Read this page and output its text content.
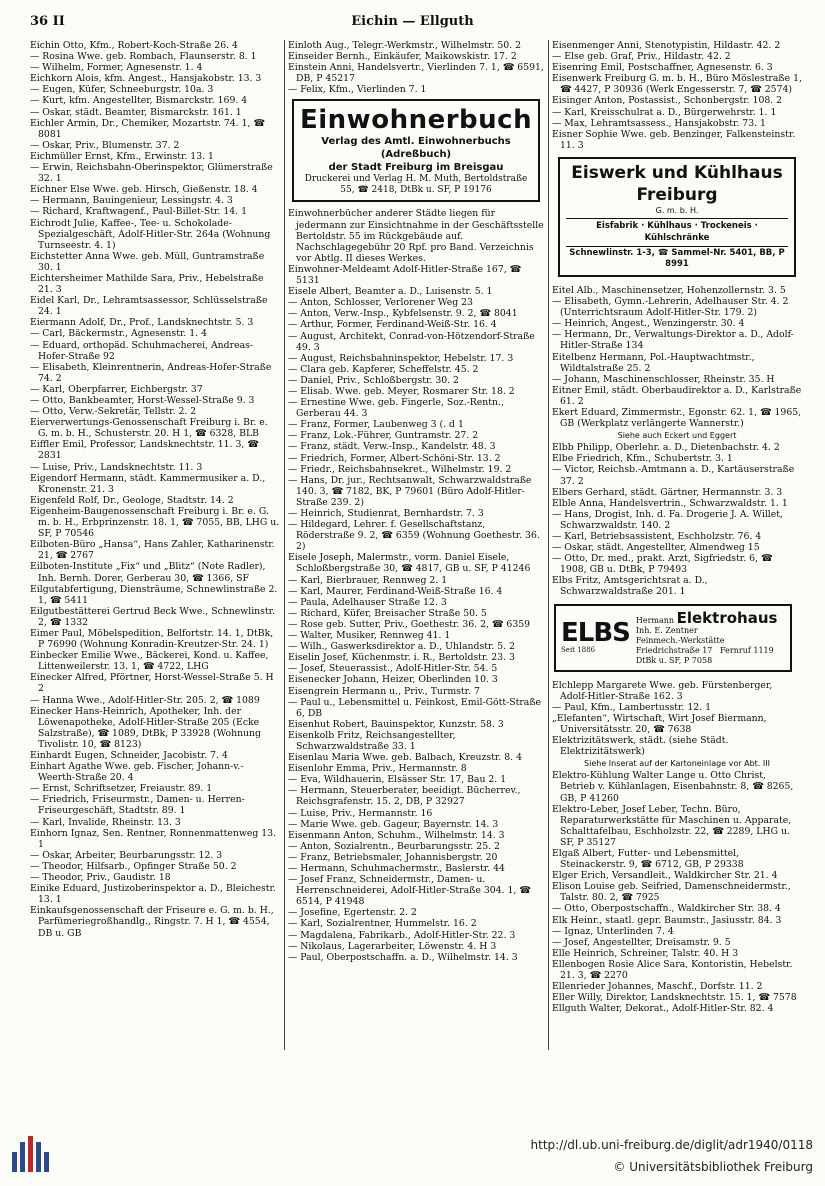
36 II	Eichin — Ellguth

Eichin Otto, Kfm., Robert-Koch-Straße 26. 4

— Rosina Wwe. geb. Rombach, Flaunserstr. 8. 1

— Wilhelm, Former, Agnesenstr. 1. 4

Eichkorn Alois, kfm. Angest., Hansjakobstr. 13. 3

— Eugen, Küfer, Schneeburgstr. 10a. 3

— Kurt, kfm. Angestellter, Bismarckstr. 169. 4

— Oskar, städt. Beamter, Bismarckstr. 161. 1

Eichler Armin, Dr., Chemiker, Mozartstr. 74. 1, ☎ 8081

— Oskar, Priv., Blumenstr. 37. 2

Eichmüller Ernst, Kfm., Erwinstr. 13. 1

— Erwin, Reichsbahn-Oberinspektor, Glümerstraße 32. 1

Eichner Else Wwe. geb. Hirsch, Gießenstr. 18. 4

— Hermann, Bauingenieur, Lessingstr. 4. 3

— Richard, Kraftwagenf., Paul-Billet-Str. 14. 1

Eichrodt Julie, Kaffee-, Tee- u. Schokolade-Spezialgeschäft, Adolf-Hitler-Str. 264a (Wohnung Turnseestr. 4. 1)

Eichstetter Anna Wwe. geb. Müll, Guntramstraße 30. 1

Eichtersheimer Mathilde Sara, Priv., Hebelstraße 21. 3

Eidel Karl, Dr., Lehramtsassessor, Schlüsselstraße 24. 1

Eiermann Adolf, Dr., Prof., Landsknechtstr. 5. 3

— Carl, Bäckermstr., Agnesenstr. 1. 4

— Eduard, orthopäd. Schuhmacherei, Andreas-Hofer-Straße 92

— Elisabeth, Kleinrentnerin, Andreas-Hofer-Straße 74. 2

— Karl, Oberpfarrer, Eichbergstr. 37

— Otto, Bankbeamter, Horst-Wessel-Straße 9. 3

— Otto, Verw.-Sekretär, Tellstr. 2. 2

Eierverwertungs-Genossenschaft Freiburg i. Br. e. G. m. b. H., Schusterstr. 20. H 1, ☎ 6328, BLB

Eiffler Emil, Professor, Landsknechtstr. 11. 3, ☎ 2831

— Luise, Priv., Landsknechtstr. 11. 3

Eigendorf Hermann, städt. Kammermusiker a. D., Kronenstr. 21. 3

Eigenfeld Rolf, Dr., Geologe, Stadtstr. 14. 2

Eigenheim-Baugenossenschaft Freiburg i. Br. e. G. m. b. H., Erbprinzenstr. 18. 1, ☎ 7055, BB, LHG u. SF, P 70546

Eilboten-Büro „Hansa“, Hans Zahler, Katharinenstr. 21, ☎ 2767

Eilboten-Institute „Fix“ und „Blitz“ (Note Radler), Inh. Bernh. Dorer, Gerberau 30, ☎ 1366, SF

Eilgutabfertigung, Diensträume, Schnewlinstraße 2. 1, ☎ 5411

Eilgutbestätterei Gertrud Beck Wwe., Schnewlinstr. 2, ☎ 1332

Eimer Paul, Möbelspedition, Belfortstr. 14. 1, DtBk, P 76990 (Wohnung Konradin-Kreutzer-Str. 24. 1)

Einbecker Emilie Wwe., Bäckerei, Kond. u. Kaffee, Littenweilerstr. 13. 1, ☎ 4722, LHG

Einecker Alfred, Pförtner, Horst-Wessel-Straße 5. H 2

— Hanna Wwe., Adolf-Hitler-Str. 205. 2, ☎ 1089

Einecker Hans-Heinrich, Apotheker, Inh. der Löwenapotheke, Adolf-Hitler-Straße 205 (Ecke Salzstraße), ☎ 1089, DtBk, P 33928 (Wohnung Tivolistr. 10, ☎ 8123)

Einhardt Eugen, Schneider, Jacobistr. 7. 4

Einhart Agathe Wwe. geb. Fischer, Johann-v.-Weerth-Straße 20. 4

— Ernst, Schriftsetzer, Freiaustr. 89. 1

— Friedrich, Friseurmstr., Damen- u. Herren-Friseurgeschäft, Stadtstr. 89. 1

— Karl, Invalide, Rheinstr. 13. 3

Einhorn Ignaz, Sen. Rentner, Ronnenmattenweg 13. 1

— Oskar, Arbeiter, Beurbarungsstr. 12. 3

— Theodor, Hilfsarb., Opfinger Straße 50. 2

— Theodor, Priv., Gaudistr. 18

Einike Eduard, Justizoberinspektor a. D., Bleichestr. 13. 1

Einkaufsgenossenschaft der Friseure e. G. m. b. H., Parfümeriegroßhandlg., Ringstr. 7. H 1, ☎ 4554, DB u. GB

Einloth Aug., Telegr.-Werkmstr., Wilhelmstr. 50. 2

Einseider Bernh., Einkäufer, Maikowskistr. 17. 2

Einstein Anni, Handelsvertr., Vierlinden 7. 1, ☎ 6591, DB, P 45217

— Felix, Kfm., Vierlinden 7. 1

Einwohnerbuch
Verlag des Amtl. Einwohnerbuchs
(Adreßbuch)
der Stadt Freiburg im Breisgau
Druckerei und Verlag H. M. Muth, Bertoldstraße 55, ☎ 2418, DtBk u. SF, P 19176

Einwohnerbücher anderer Städte liegen für jedermann zur Einsichtnahme in der Geschäftsstelle Bertoldstr. 55 im Rückgebäude auf. Nachschlagegebühr 20 Rpf. pro Band. Verzeichnis vor Abtlg. II dieses Werkes.

Einwohner-Meldeamt Adolf-Hitler-Straße 167, ☎ 5131

Eisele Albert, Beamter a. D., Luisenstr. 5. 1

— Anton, Schlosser, Verlorener Weg 23

— Anton, Verw.-Insp., Kybfelsenstr. 9. 2, ☎ 8041

— Arthur, Former, Ferdinand-Weiß-Str. 16. 4

— August, Architekt, Conrad-von-Hötzendorf-Straße 49. 3

— August, Reichsbahninspektor, Hebelstr. 17. 3

— Clara geb. Kapferer, Scheffelstr. 45. 2

— Daniel, Priv., Schloßbergstr. 30. 2

— Elisab. Wwe. geb. Meyer, Rosmarer Str. 18. 2

— Ernestine Wwe. geb. Fingerle, Soz.-Rentn., Gerberau 44. 3

— Franz, Former, Laubenweg 3 (. d 1

— Franz, Lok.-Führer, Guntramstr. 27. 2

— Franz, städt. Verw.-Insp., Kandelstr. 48. 3

— Friedrich, Former, Albert-Schöni-Str. 13. 2

— Friedr., Reichsbahnsekret., Wilhelmstr. 19. 2

— Hans, Dr. jur., Rechtsanwalt, Schwarzwaldstraße 140. 3, ☎ 7182, BK, P 79601 (Büro Adolf-Hitler-Straße 239. 2)

— Heinrich, Studienrat, Bernhardstr. 7. 3

— Hildegard, Lehrer. f. Gesellschaftstanz, Röderstraße 9. 2, ☎ 6359 (Wohnung Goethestr. 36. 2)

Eisele Joseph, Malermstr., vorm. Daniel Eisele, Schloßbergstraße 30, ☎ 4817, GB u. SF, P 41246

— Karl, Bierbrauer, Rennweg 2. 1

— Karl, Maurer, Ferdinand-Weiß-Straße 16. 4

— Paula, Adelhauser Straße 12. 3

— Richard, Küfer, Breisacher Straße 50. 5

— Rose geb. Sutter, Priv., Goethestr. 36. 2, ☎ 6359

— Walter, Musiker, Rennweg 41. 1

— Wilh., Gaswerksdirektor a. D., Uhlandstr. 5. 2

Eiselin Josef, Küchenmstr. i. R., Bertoldstr. 23. 3

— Josef, Steuerassist., Adolf-Hitler-Str. 54. 5

Eisenecker Johann, Heizer, Oberlinden 10. 3

Eisengrein Hermann u., Priv., Turmstr. 7

— Paul u., Lebensmittel u. Feinkost, Emil-Gött-Straße 6, DB

Eisenhut Robert, Bauinspektor, Kunzstr. 58. 3

Eisenkolb Fritz, Reichsangestellter, Schwarzwaldstraße 33. 1

Eisenlau Maria Wwe. geb. Balbach, Kreuzstr. 8. 4

Eisenlohr Emma, Priv., Hermannstr. 8

— Eva, Wildhauerin, Elsässer Str. 17, Bau 2. 1

— Hermann, Steuerberater, beeidigt. Bücherrev., Reichsgrafenstr. 15. 2, DB, P 32927

— Luise, Priv., Hermannstr. 16

— Marie Wwe. geb. Gageur, Bayernstr. 14. 3

Eisenmann Anton, Schuhm., Wilhelmstr. 14. 3

— Anton, Sozialrentn., Beurbarungsstr. 25. 2

— Franz, Betriebsmaler, Johannisbergstr. 20

— Hermann, Schuhmachermstr., Baslerstr. 44

— Josef Franz, Schneidermstr., Damen- u. Herrenschneiderei, Adolf-Hitler-Straße 304. 1, ☎ 6514, P 41948

— Josefine, Egertenstr. 2. 2

— Karl, Sozialrentner, Hummelstr. 16. 2

— Magdalena, Fabrikarb., Adolf-Hitler-Str. 22. 3

— Nikolaus, Lagerarbeiter, Löwenstr. 4. H 3

— Paul, Oberpostschaffn. a. D., Wilhelmstr. 14. 3

Eisenmenger Anni, Stenotypistin, Hildastr. 42. 2

— Else geb. Graf, Priv., Hildastr. 42. 2

Eisenring Emil, Postschaffner, Agnesenstr. 6. 3

Eisenwerk Freiburg G. m. b. H., Büro Möslestraße 1, ☎ 4427, P 30936 (Werk Engesserstr. 7, ☎ 2574)

Eisinger Anton, Postassist., Schonbergstr. 108. 2

— Karl, Kreisschulrat a. D., Bürgerwehrstr. 1. 1

— Max, Lehramtsassess., Hansjakobstr. 73. 1

Eisner Sophie Wwe. geb. Benzinger, Falkensteinstr. 11. 3

Eiswerk und Kühlhaus Freiburg
G. m. b. H.
Eisfabrik · Kühlhaus · Trockeneis · Kühlschränke
Schnewlinstr. 1-3, ☎ Sammel-Nr. 5401, BB, P 8991

Eitel Alb., Maschinensetzer, Hohenzollernstr. 3. 5

— Elisabeth, Gymn.-Lehrerin, Adelhauser Str. 4. 2 (Unterrichtsraum Adolf-Hitler-Str. 179. 2)

— Heinrich, Angest., Wenzingerstr. 30. 4

— Hermann, Dr., Verwaltungs-Direktor a. D., Adolf-Hitler-Straße 134

Eitelbenz Hermann, Pol.-Hauptwachtmstr., Wildtalstraße 25. 2

— Johann, Maschinenschlosser, Rheinstr. 35. H

Eitner Emil, städt. Oberbaudirektor a. D., Karlstraße 61. 2

Ekert Eduard, Zimmermstr., Egonstr. 62. 1, ☎ 1965, GB (Werkplatz verlängerte Wannerstr.)

Siehe auch Eckert und Eggert

Elbb Philipp, Oberlehr. a. D., Dietenbachstr. 4. 2

Elbe Friedrich, Kfm., Schubertstr. 3. 1

— Victor, Reichsb.-Amtmann a. D., Kartäuserstraße 37. 2

Elbers Gerhard, städt. Gärtner, Hermannstr. 3. 3

Elble Anna, Handelsvertrin., Schwarzwaldstr. 1. 1

— Hans, Drogist, Inh. d. Fa. Drogerie J. A. Willet, Schwarzwaldstr. 140. 2

— Karl, Betriebsassistent, Eschholzstr. 76. 4

— Oskar, städt. Angestellter, Almendweg 15

— Otto, Dr. med., prakt. Arzt, Sigfriedstr. 6, ☎ 1908, GB u. DtBk, P 79493

Elbs Fritz, Amtsgerichtsrat a. D., Schwarzwaldstraße 201. 1

ELBS
Seit 1886
Hermann Elektrohaus
Inh. E. Zentner
Feinmech.-Werkstätte
Friedrichstraße 17 Fernruf 1119
DtBk u. SF, P 7058

Elchlepp Margarete Wwe. geb. Fürstenberger, Adolf-Hitler-Straße 162. 3

— Paul, Kfm., Lambertusstr. 12. 1

„Elefanten“, Wirtschaft, Wirt Josef Biermann, Universitätsstr. 20, ☎ 7638

Elektrizitätswerk, städt. (siehe Städt. Elektrizitätswerk)

Siehe Inserat auf der Kartoneinlage vor Abt. III

Elektro-Kühlung Walter Lange u. Otto Christ, Betrieb v. Kühlanlagen, Eisenbahnstr. 8, ☎ 8265, GB, P 41260

Elektro-Leber, Josef Leber, Techn. Büro, Reparaturwerkstätte für Maschinen u. Apparate, Schalttafelbau, Eschholzstr. 22, ☎ 2289, LHG u. SF, P 35127

Elgaß Albert, Futter- und Lebensmittel, Steinackerstr. 9, ☎ 6712, GB, P 29338

Elger Erich, Versandleit., Waldkircher Str. 21. 4

Elison Louise geb. Seifried, Damenschneidermstr., Talstr. 80. 2, ☎ 7925

— Otto, Oberpostschaffn., Waldkircher Str. 38. 4

Elk Heinr., staatl. gepr. Baumstr., Jasiusstr. 84. 3

— Ignaz, Unterlinden 7. 4

— Josef, Angestellter, Dreisamstr. 9. 5

Elle Heinrich, Schreiner, Talstr. 40. H 3

Ellenbogen Rosie Alice Sara, Kontoristin, Hebelstr. 21. 3, ☎ 2270

Ellenrieder Johannes, Maschf., Dorfstr. 11. 2

Eller Willy, Direktor, Landsknechtstr. 15. 1, ☎ 7578

Ellguth Walter, Dekorat., Adolf-Hitler-Str. 82. 4

http://dl.ub.uni-freiburg.de/diglit/adr1940/0118
© Universitätsbibliothek Freiburg
